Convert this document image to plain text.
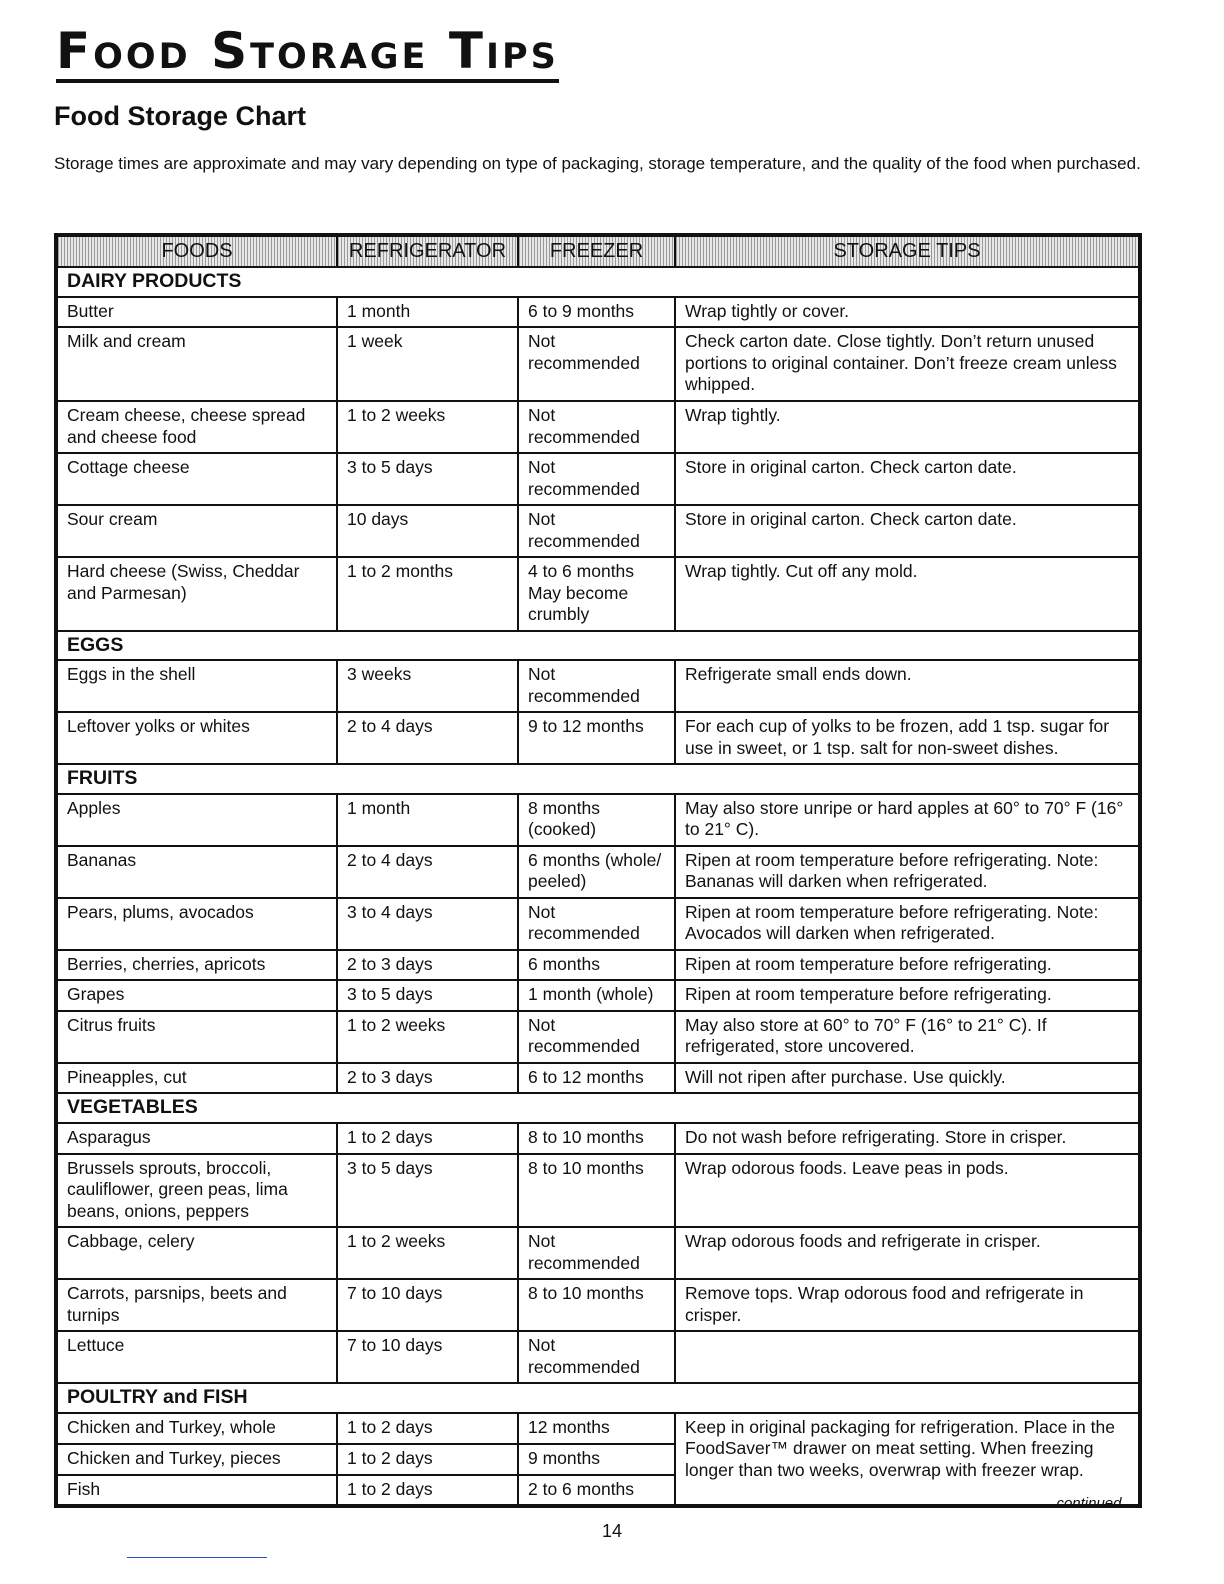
Food Storage Tips
Food Storage Chart

Storage times are approximate and may vary depending on type of packaging, storage temperature, and the quality of the food when purchased.

FOODS	REFRIGERATOR	FREEZER	STORAGE TIPS
DAIRY PRODUCTS			
Butter	1 month	6 to 9 months	Wrap tightly or cover.
Milk and cream	1 week	Not recommended	Check carton date. Close tightly. Don’t return unused portions to original container. Don’t freeze cream unless whipped.
Cream cheese, cheese spread and cheese food	1 to 2 weeks	Not recommended	Wrap tightly.
Cottage cheese	3 to 5 days	Not recommended	Store in original carton. Check carton date.
Sour cream	10 days	Not recommended	Store in original carton. Check carton date.
Hard cheese (Swiss, Cheddar and Parmesan)	1 to 2 months	4 to 6 months May become crumbly	Wrap tightly. Cut off any mold.
EGGS			
Eggs in the shell	3 weeks	Not recommended	Refrigerate small ends down.
Leftover yolks or whites	2 to 4 days	9 to 12 months	For each cup of yolks to be frozen, add 1 tsp. sugar for use in sweet, or 1 tsp. salt for non-sweet dishes.
FRUITS			
Apples	1 month	8 months (cooked)	May also store unripe or hard apples at 60° to 70° F (16° to 21° C).
Bananas	2 to 4 days	6 months (whole/ peeled)	Ripen at room temperature before refrigerating. Note: Bananas will darken when refrigerated.
Pears, plums, avocados	3 to 4 days	Not recommended	Ripen at room temperature before refrigerating. Note: Avocados will darken when refrigerated.
Berries, cherries, apricots	2 to 3 days	6 months	Ripen at room temperature before refrigerating.
Grapes	3 to 5 days	1 month (whole)	Ripen at room temperature before refrigerating.
Citrus fruits	1 to 2 weeks	Not recommended	May also store at 60° to 70° F (16° to 21° C). If refrigerated, store uncovered.
Pineapples, cut	2 to 3 days	6 to 12 months	Will not ripen after purchase. Use quickly.
VEGETABLES			
Asparagus	1 to 2 days	8 to 10 months	Do not wash before refrigerating. Store in crisper.
Brussels sprouts, broccoli, cauliflower, green peas, lima beans, onions, peppers	3 to 5 days	8 to 10 months	Wrap odorous foods. Leave peas in pods.
Cabbage, celery	1 to 2 weeks	Not recommended	Wrap odorous foods and refrigerate in crisper.
Carrots, parsnips, beets and turnips	7 to 10 days	8 to 10 months	Remove tops. Wrap odorous food and refrigerate in crisper.
Lettuce	7 to 10 days	Not recommended	
POULTRY and FISH			
Chicken and Turkey, whole	1 to 2 days	12 months	Keep in original packaging for refrigeration. Place in the FoodSaver™ drawer on meat setting. When freezing longer than two weeks, overwrap with freezer wrap.
Chicken and Turkey, pieces	1 to 2 days	9 months	
Fish	1 to 2 days	2 to 6 months	
continued...
14
